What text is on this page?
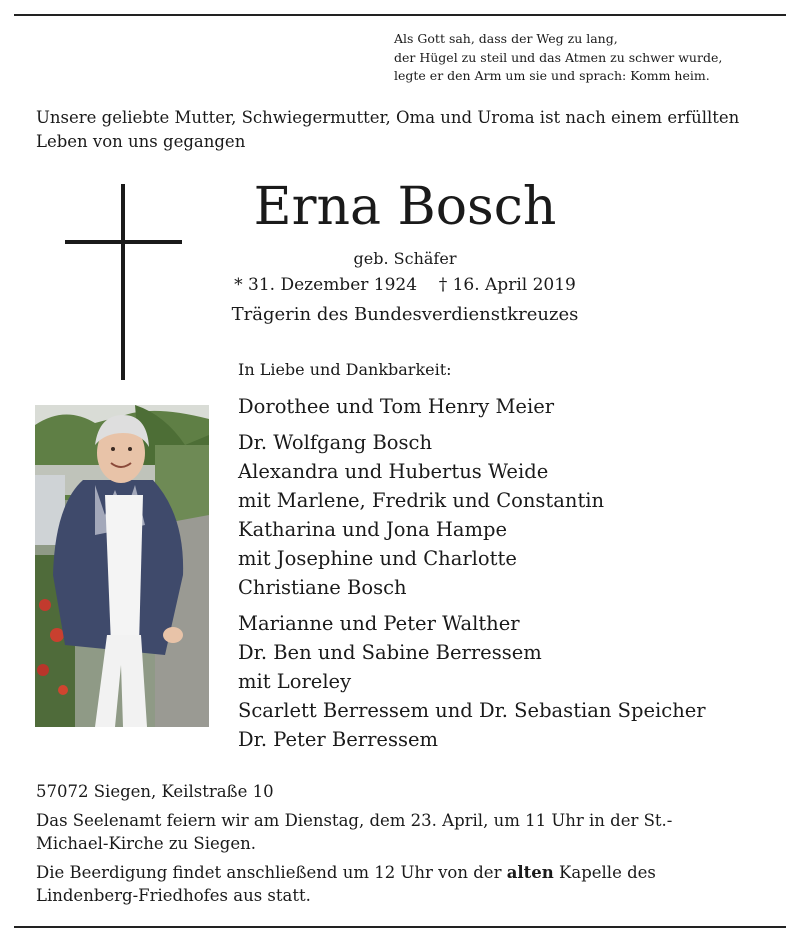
Als Gott sah, dass der Weg zu lang,
der Hügel zu steil und das Atmen zu schwer wurde,
legte er den Arm um sie und sprach: Komm heim.
Unsere geliebte Mutter, Schwiegermutter, Oma und Uroma ist nach einem erfüllten Leben von uns gegangen
Erna Bosch
geb. Schäfer
* 31. Dezember 1924 † 16. April 2019
Trägerin des Bundesverdienstkreuzes
In Liebe und Dankbarkeit:
Dorothee und Tom Henry Meier
Dr. Wolfgang Bosch
Alexandra und Hubertus Weide
mit Marlene, Fredrik und Constantin
Katharina und Jona Hampe
mit Josephine und Charlotte
Christiane Bosch
Marianne und Peter Walther
Dr. Ben und Sabine Berressem
mit Loreley
Scarlett Berressem und Dr. Sebastian Speicher
Dr. Peter Berressem
57072 Siegen, Keilstraße 10
Das Seelenamt feiern wir am Dienstag, dem 23. April, um 11 Uhr in der St.-Michael-Kirche zu Siegen.
Die Beerdigung findet anschließend um 12 Uhr von der alten Kapelle des Lindenberg-Friedhofes aus statt.
